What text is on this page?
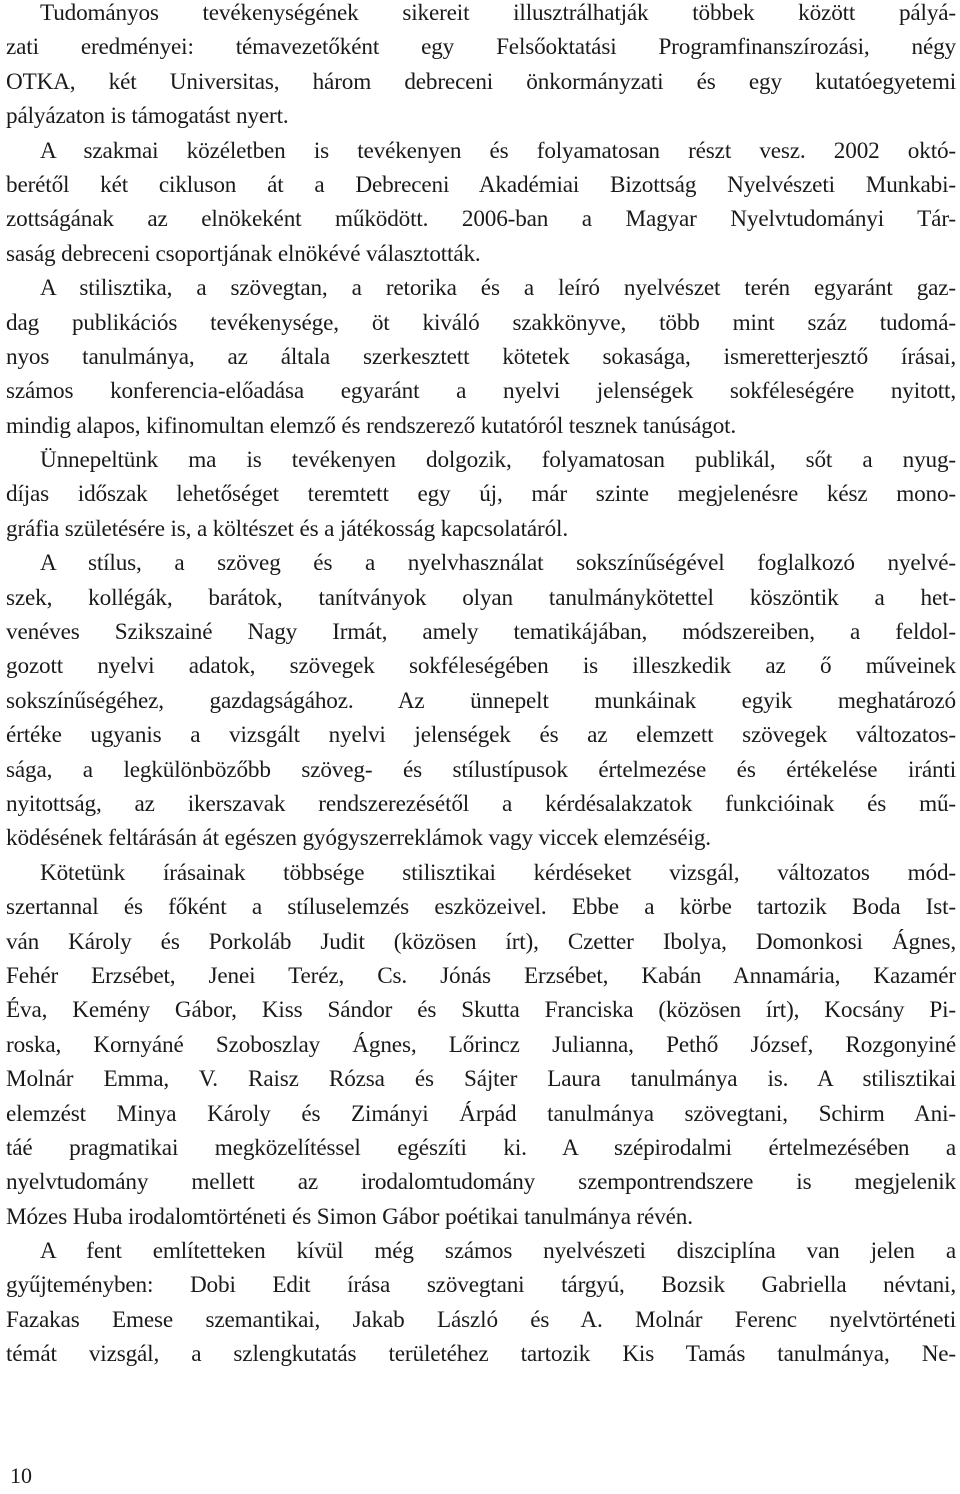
Tudományos tevékenységének sikereit illusztrálhatják többek között pályá-
zati eredményei: témavezetőként egy Felsőoktatási Programfinanszírozási, négy
OTKA, két Universitas, három debreceni önkormányzati és egy kutatóegyetemi
pályázaton is támogatást nyert.
A szakmai közéletben is tevékenyen és folyamatosan részt vesz. 2002 októ-
berétől két cikluson át a Debreceni Akadémiai Bizottság Nyelvészeti Munkabi-
zottságának az elnökeként működött. 2006-ban a Magyar Nyelvtudományi Tár-
saság debreceni csoportjának elnökévé választották.
A stilisztika, a szövegtan, a retorika és a leíró nyelvészet terén egyaránt gaz-
dag publikációs tevékenysége, öt kiváló szakkönyve, több mint száz tudomá-
nyos tanulmánya, az általa szerkesztett kötetek sokasága, ismeretterjesztő írásai,
számos konferencia-előadása egyaránt a nyelvi jelenségek sokféleségére nyitott,
mindig alapos, kifinomultan elemző és rendszerező kutatóról tesznek tanúságot.
Ünnepeltünk ma is tevékenyen dolgozik, folyamatosan publikál, sőt a nyug-
díjas időszak lehetőséget teremtett egy új, már szinte megjelenésre kész mono-
gráfia születésére is, a költészet és a játékosság kapcsolatáról.
A stílus, a szöveg és a nyelvhasználat sokszínűségével foglalkozó nyelvé-
szek, kollégák, barátok, tanítványok olyan tanulmánykötettel köszöntik a het-
venéves Szikszainé Nagy Irmát, amely tematikájában, módszereiben, a feldol-
gozott nyelvi adatok, szövegek sokféleségében is illeszkedik az ő műveinek
sokszínűségéhez, gazdagságához. Az ünnepelt munkáinak egyik meghatározó
értéke ugyanis a vizsgált nyelvi jelenségek és az elemzett szövegek változatos-
sága, a legkülönbözőbb szöveg- és stílustípusok értelmezése és értékelése iránti
nyitottság, az ikerszavak rendszerezésétől a kérdésalakzatok funkcióinak és mű-
ködésének feltárásán át egészen gyógyszerreklámok vagy viccek elemzéséig.
Kötetünk írásainak többsége stilisztikai kérdéseket vizsgál, változatos mód-
szertannal és főként a stíluselemzés eszközeivel. Ebbe a körbe tartozik Boda Ist-
ván Károly és Porkoláb Judit (közösen írt), Czetter Ibolya, Domonkosi Ágnes,
Fehér Erzsébet, Jenei Teréz, Cs. Jónás Erzsébet, Kabán Annamária, Kazamér
Éva, Kemény Gábor, Kiss Sándor és Skutta Franciska (közösen írt), Kocsány Pi-
roska, Kornyáné Szoboszlay Ágnes, Lőrincz Julianna, Pethő József, Rozgonyiné
Molnár Emma, V. Raisz Rózsa és Sájter Laura tanulmánya is. A stilisztikai
elemzést Minya Károly és Zimányi Árpád tanulmánya szövegtani, Schirm Ani-
táé pragmatikai megközelítéssel egészíti ki. A szépirodalmi értelmezésében a
nyelvtudomány mellett az irodalomtudomány szempontrendszere is megjelenik
Mózes Huba irodalomtörténeti és Simon Gábor poétikai tanulmánya révén.
A fent említetteken kívül még számos nyelvészeti diszciplína van jelen a
gyűjteményben: Dobi Edit írása szövegtani tárgyú, Bozsik Gabriella névtani,
Fazakas Emese szemantikai, Jakab László és A. Molnár Ferenc nyelvtörténeti
témát vizsgál, a szlengkutatás területéhez tartozik Kis Tamás tanulmánya, Ne-
10
